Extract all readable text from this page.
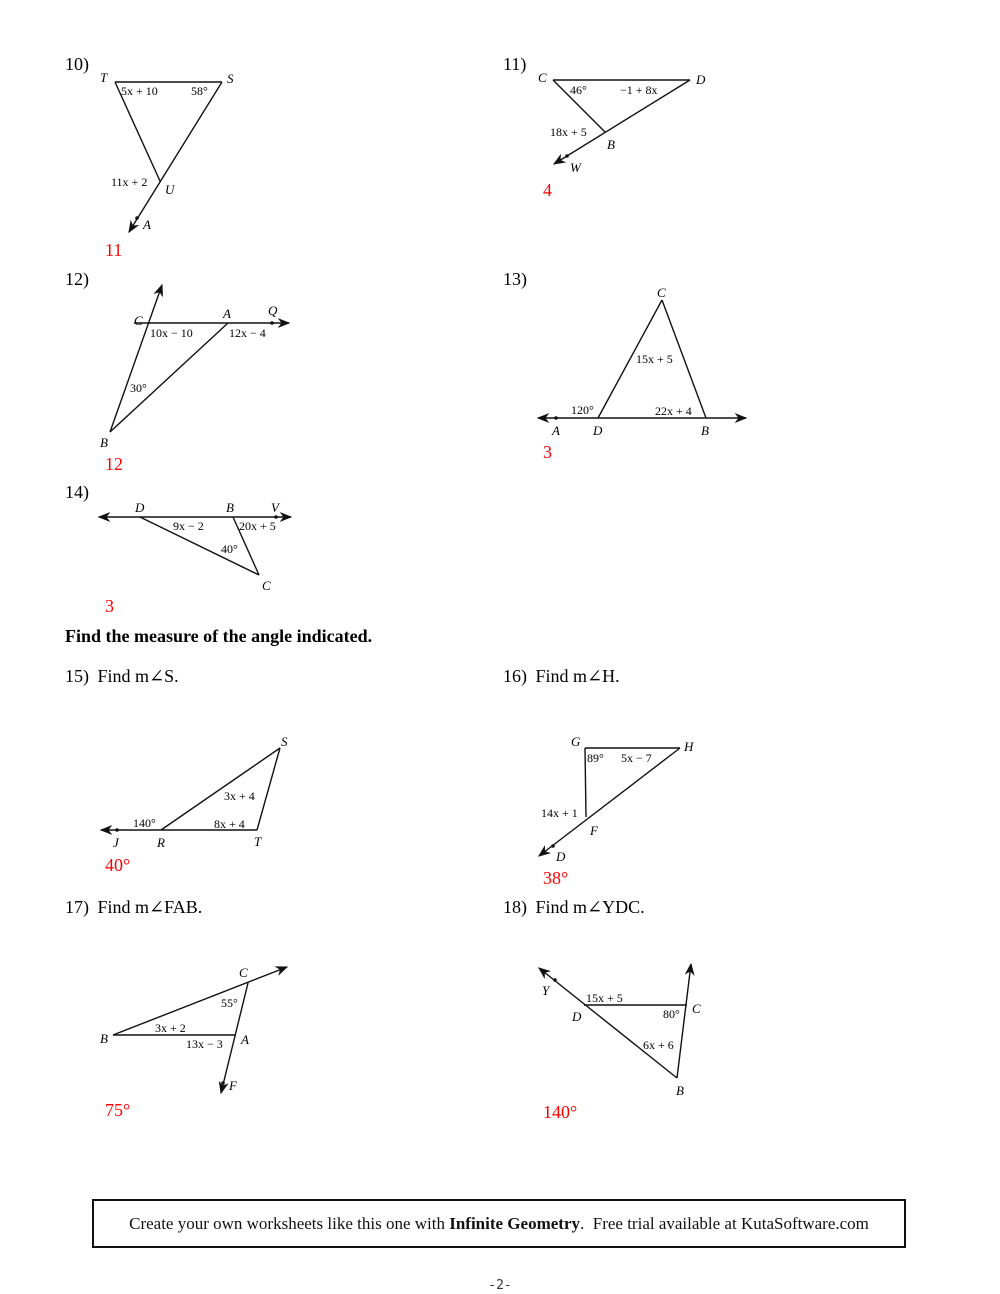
10)
T	S
U
A
5x + 10	58°
11x + 2
11
11)
C	D
B
W
46°	−1 + 8x
18x + 5
4
12)
C	A	Q
B
10x − 10	12x − 4
30°
12
13)
C
A	D	B
15x + 5
120°	22x + 4
3
14)
D	B	V
C
9x − 2	20x + 5
40°
3
Find the measure of the angle indicated.
15) Find m∠S.
S
J	R	T
3x + 4
140°	8x + 4
40°
16) Find m∠H.
G	H
F
D
89° 5x − 7
14x + 1
38°
17) Find m∠FAB.
C
B	A
F
55°
3x + 2
13x − 3
75°
18) Find m∠YDC.
Y
D
C
B
15x + 5
80°
6x + 6
140°
Create your own worksheets like this one with Infinite Geometry .  Free trial available at KutaSoftware.com
-2-
